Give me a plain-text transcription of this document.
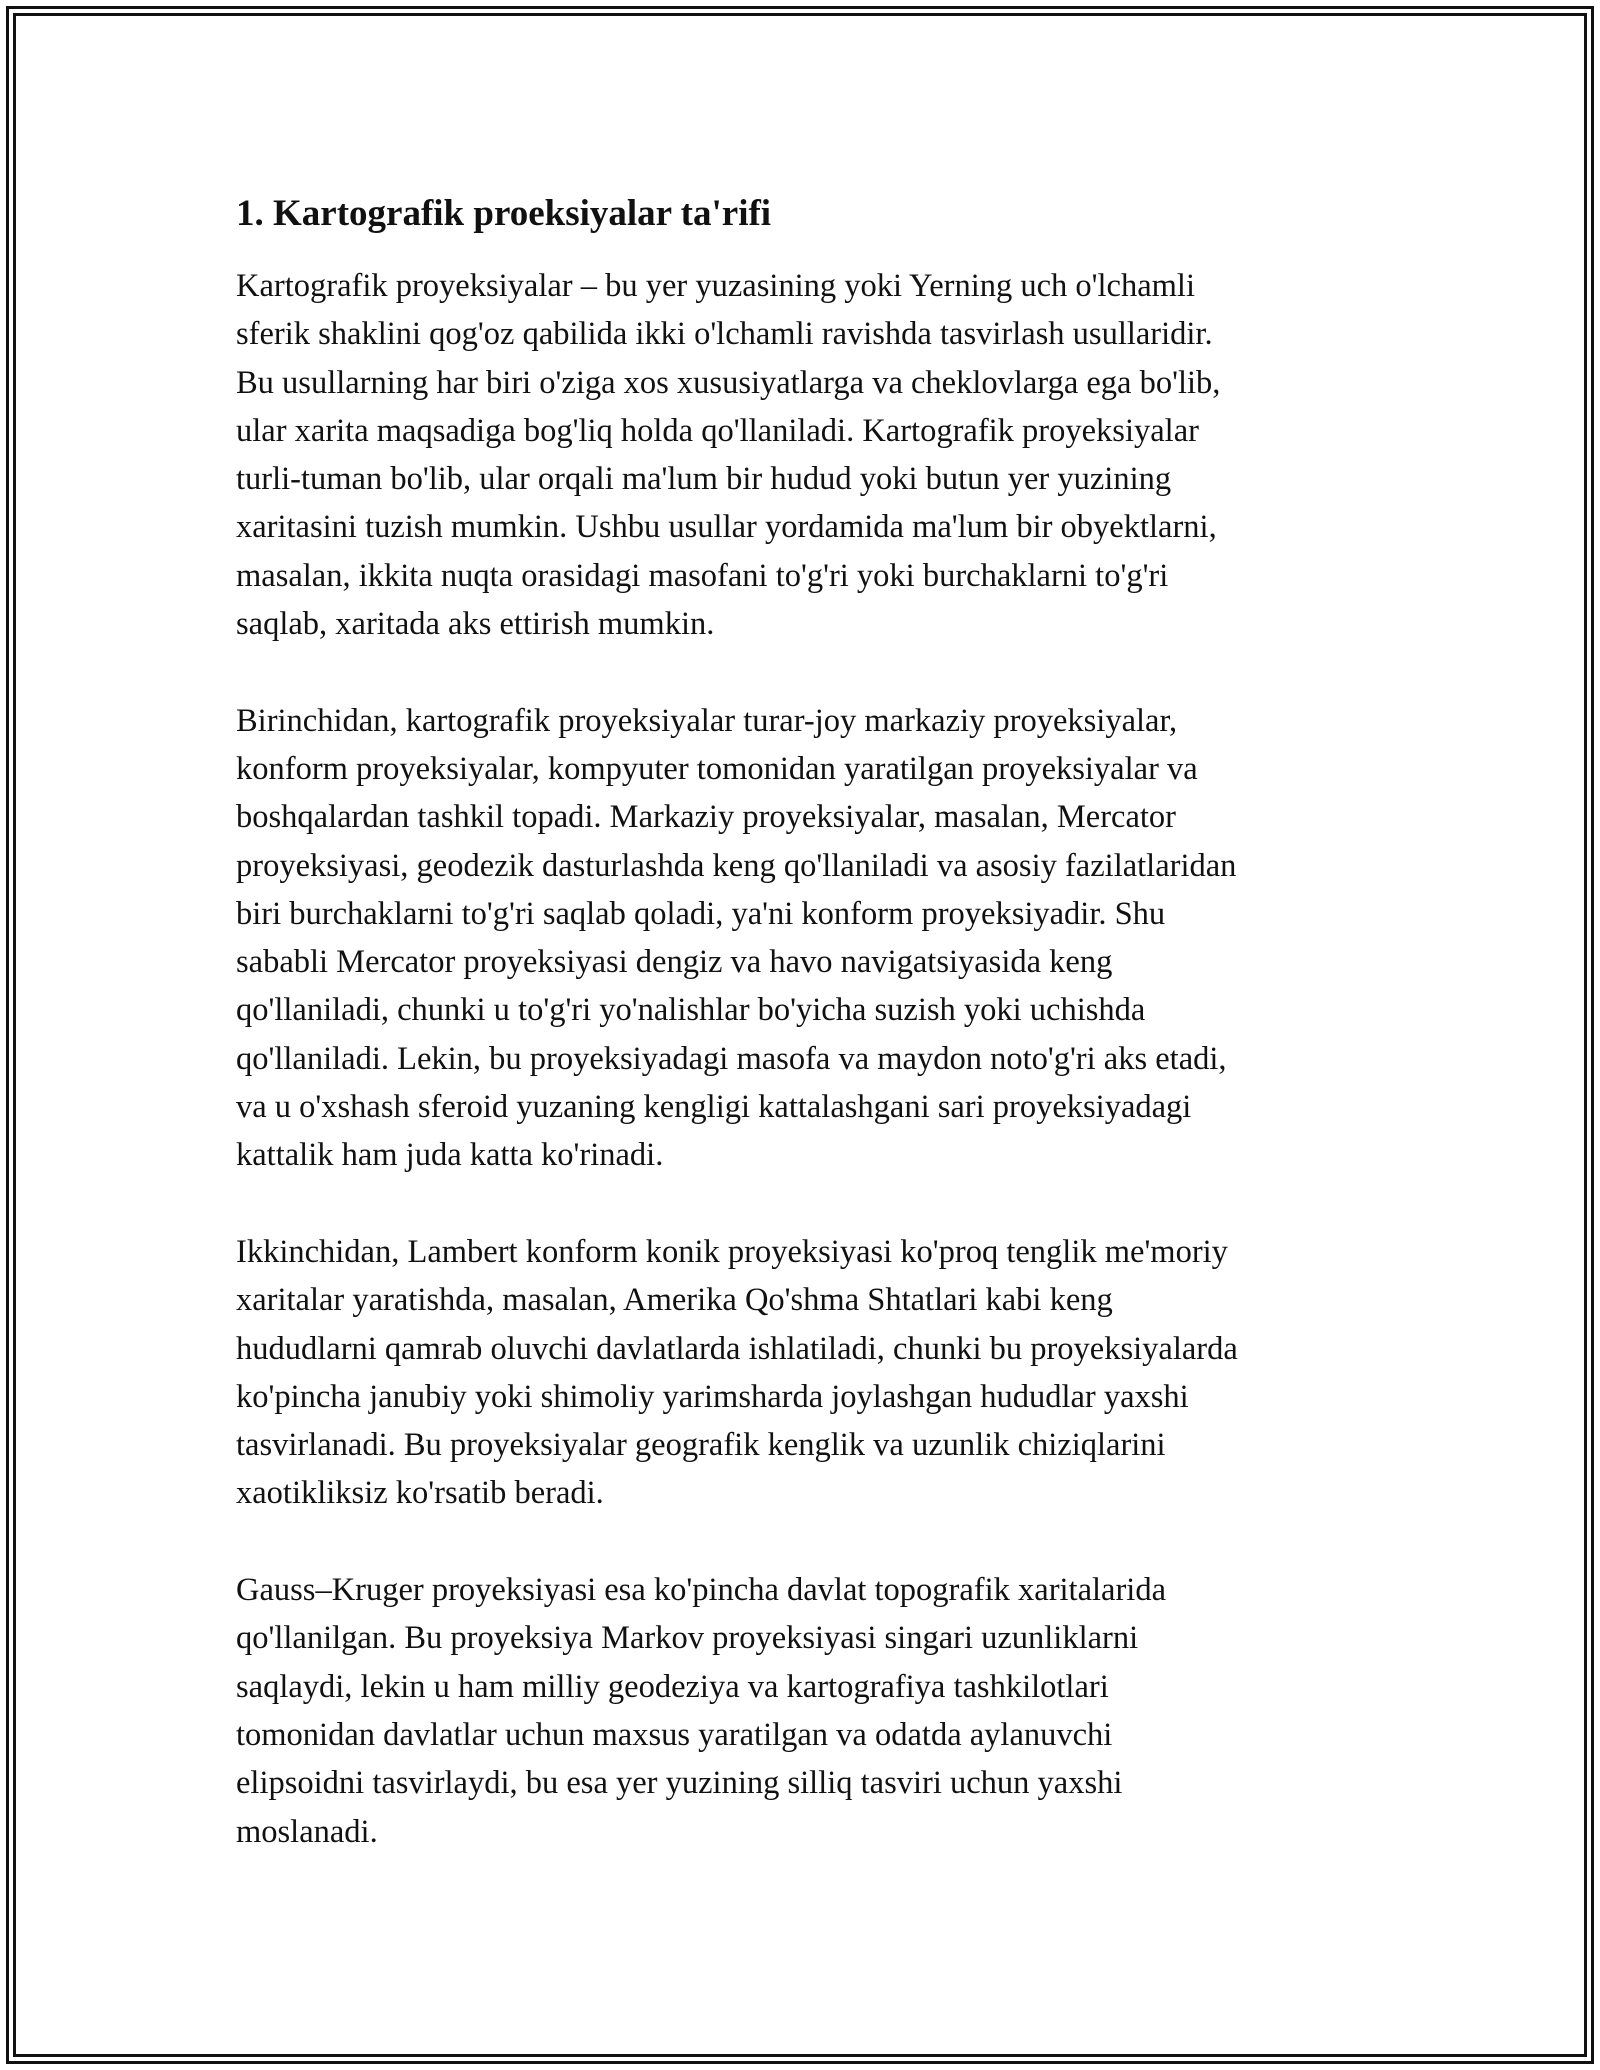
1. Kartografik proeksiyalar ta'rifi

Kartografik proyeksiyalar – bu yer yuzasining yoki Yerning uch o'lchamli
sferik shaklini qog'oz qabilida ikki o'lchamli ravishda tasvirlash usullaridir.
Bu usullarning har biri o'ziga xos xususiyatlarga va cheklovlarga ega bo'lib,
ular xarita maqsadiga bog'liq holda qo'llaniladi. Kartografik proyeksiyalar
turli-tuman bo'lib, ular orqali ma'lum bir hudud yoki butun yer yuzining
xaritasini tuzish mumkin. Ushbu usullar yordamida ma'lum bir obyektlarni,
masalan, ikkita nuqta orasidagi masofani to'g'ri yoki burchaklarni to'g'ri
saqlab, xaritada aks ettirish mumkin.

Birinchidan, kartografik proyeksiyalar turar-joy markaziy proyeksiyalar,
konform proyeksiyalar, kompyuter tomonidan yaratilgan proyeksiyalar va
boshqalardan tashkil topadi. Markaziy proyeksiyalar, masalan, Mercator
proyeksiyasi, geodezik dasturlashda keng qo'llaniladi va asosiy fazilatlaridan
biri burchaklarni to'g'ri saqlab qoladi, ya'ni konform proyeksiyadir. Shu
sababli Mercator proyeksiyasi dengiz va havo navigatsiyasida keng
qo'llaniladi, chunki u to'g'ri yo'nalishlar bo'yicha suzish yoki uchishda
qo'llaniladi. Lekin, bu proyeksiyadagi masofa va maydon noto'g'ri aks etadi,
va u o'xshash sferoid yuzaning kengligi kattalashgani sari proyeksiyadagi
kattalik ham juda katta ko'rinadi.

Ikkinchidan, Lambert konform konik proyeksiyasi ko'proq tenglik me'moriy
xaritalar yaratishda, masalan, Amerika Qo'shma Shtatlari kabi keng
hududlarni qamrab oluvchi davlatlarda ishlatiladi, chunki bu proyeksiyalarda
ko'pincha janubiy yoki shimoliy yarimsharda joylashgan hududlar yaxshi
tasvirlanadi. Bu proyeksiyalar geografik kenglik va uzunlik chiziqlarini
xaotikliksiz ko'rsatib beradi.

Gauss–Kruger proyeksiyasi esa ko'pincha davlat topografik xaritalarida
qo'llanilgan. Bu proyeksiya Markov proyeksiyasi singari uzunliklarni
saqlaydi, lekin u ham milliy geodeziya va kartografiya tashkilotlari
tomonidan davlatlar uchun maxsus yaratilgan va odatda aylanuvchi
elipsoidni tasvirlaydi, bu esa yer yuzining silliq tasviri uchun yaxshi
moslanadi.
